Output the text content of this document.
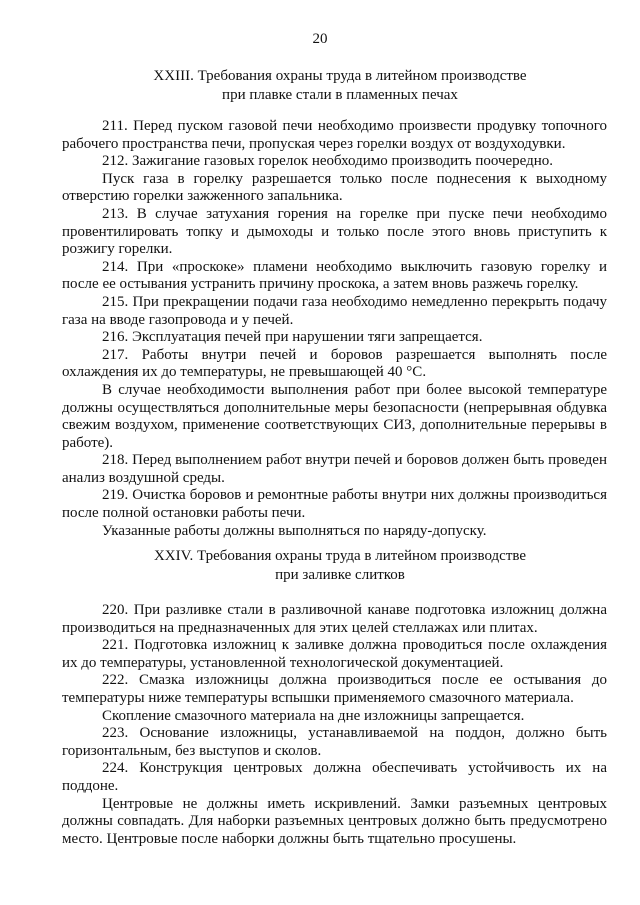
20
XXIII. Требования охраны труда в литейном производстве
при плавке стали в пламенных печах

211. Перед пуском газовой печи необходимо произвести продувку топочного рабочего пространства печи, пропуская через горелки воздух от воздуходувки.

212. Зажигание газовых горелок необходимо производить поочередно.

Пуск газа в горелку разрешается только после поднесения к выходному отверстию горелки зажженного запальника.

213. В случае затухания горения на горелке при пуске печи необходимо провентилировать топку и дымоходы и только после этого вновь приступить к розжигу горелки.

214. При «проскоке» пламени необходимо выключить газовую горелку и после ее остывания устранить причину проскока, а затем вновь разжечь горелку.

215. При прекращении подачи газа необходимо немедленно перекрыть подачу газа на вводе газопровода и у печей.

216. Эксплуатация печей при нарушении тяги запрещается.

217. Работы внутри печей и боровов разрешается выполнять после охлаждения их до температуры, не превышающей 40 °С.

В случае необходимости выполнения работ при более высокой температуре должны осуществляться дополнительные меры безопасности (непрерывная обдувка свежим воздухом, применение соответствующих СИЗ, дополнительные перерывы в работе).

218. Перед выполнением работ внутри печей и боровов должен быть проведен анализ воздушной среды.

219. Очистка боровов и ремонтные работы внутри них должны производиться после полной остановки работы печи.

Указанные работы должны выполняться по наряду-допуску.

XXIV. Требования охраны труда в литейном производстве
при заливке слитков

220. При разливке стали в разливочной канаве подготовка изложниц должна производиться на предназначенных для этих целей стеллажах или плитах.

221. Подготовка изложниц к заливке должна проводиться после охлаждения их до температуры, установленной технологической документацией.

222. Смазка изложницы должна производиться после ее остывания до температуры ниже температуры вспышки применяемого смазочного материала.

Скопление смазочного материала на дне изложницы запрещается.

223. Основание изложницы, устанавливаемой на поддон, должно быть горизонтальным, без выступов и сколов.

224. Конструкция центровых должна обеспечивать устойчивость их на поддоне.

Центровые не должны иметь искривлений. Замки разъемных центровых должны совпадать. Для наборки разъемных центровых должно быть предусмотрено место. Центровые после наборки должны быть тщательно просушены.
